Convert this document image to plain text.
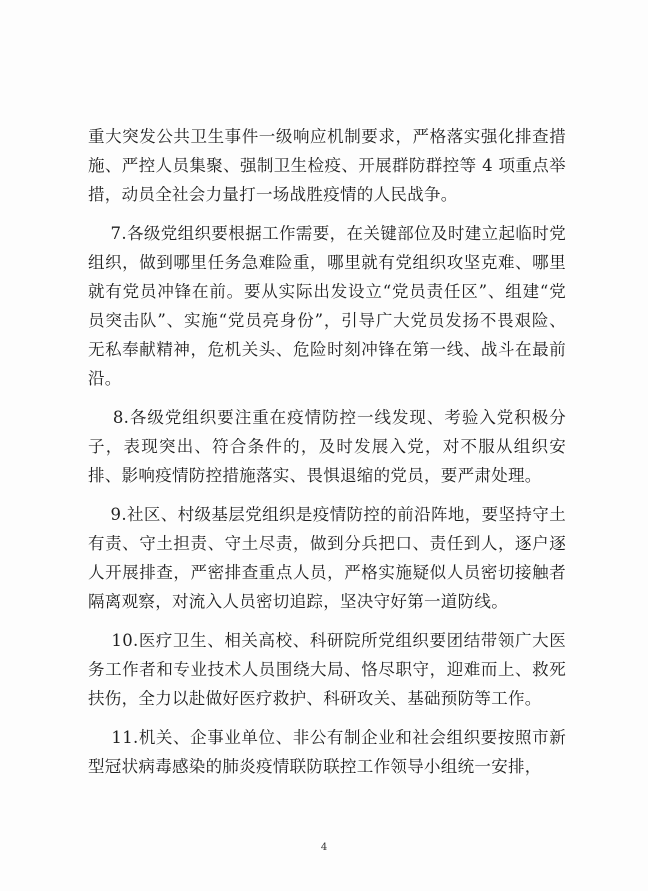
重大突发公共卫生事件一级响应机制要求，严格落实强化排查措施、严控人员集聚、强制卫生检疫、开展群防群控等 4 项重点举措，动员全社会力量打一场战胜疫情的人民战争。

7.各级党组织要根据工作需要，在关键部位及时建立起临时党组织，做到哪里任务急难险重，哪里就有党组织攻坚克难、哪里就有党员冲锋在前。要从实际出发设立“党员责任区”、组建“党员突击队”、实施“党员亮身份”，引导广大党员发扬不畏艰险、无私奉献精神，危机关头、危险时刻冲锋在第一线、战斗在最前沿。

8.各级党组织要注重在疫情防控一线发现、考验入党积极分子，表现突出、符合条件的，及时发展入党，对不服从组织安排、影响疫情防控措施落实、畏惧退缩的党员，要严肃处理。

9.社区、村级基层党组织是疫情防控的前沿阵地，要坚持守土有责、守土担责、守土尽责，做到分兵把口、责任到人，逐户逐人开展排查，严密排查重点人员，严格实施疑似人员密切接触者隔离观察，对流入人员密切追踪，坚决守好第一道防线。

10.医疗卫生、相关高校、科研院所党组织要团结带领广大医务工作者和专业技术人员围绕大局、恪尽职守，迎难而上、救死扶伤，全力以赴做好医疗救护、科研攻关、基础预防等工作。

11.机关、企事业单位、非公有制企业和社会组织要按照市新型冠状病毒感染的肺炎疫情联防联控工作领导小组统一安排，

4
